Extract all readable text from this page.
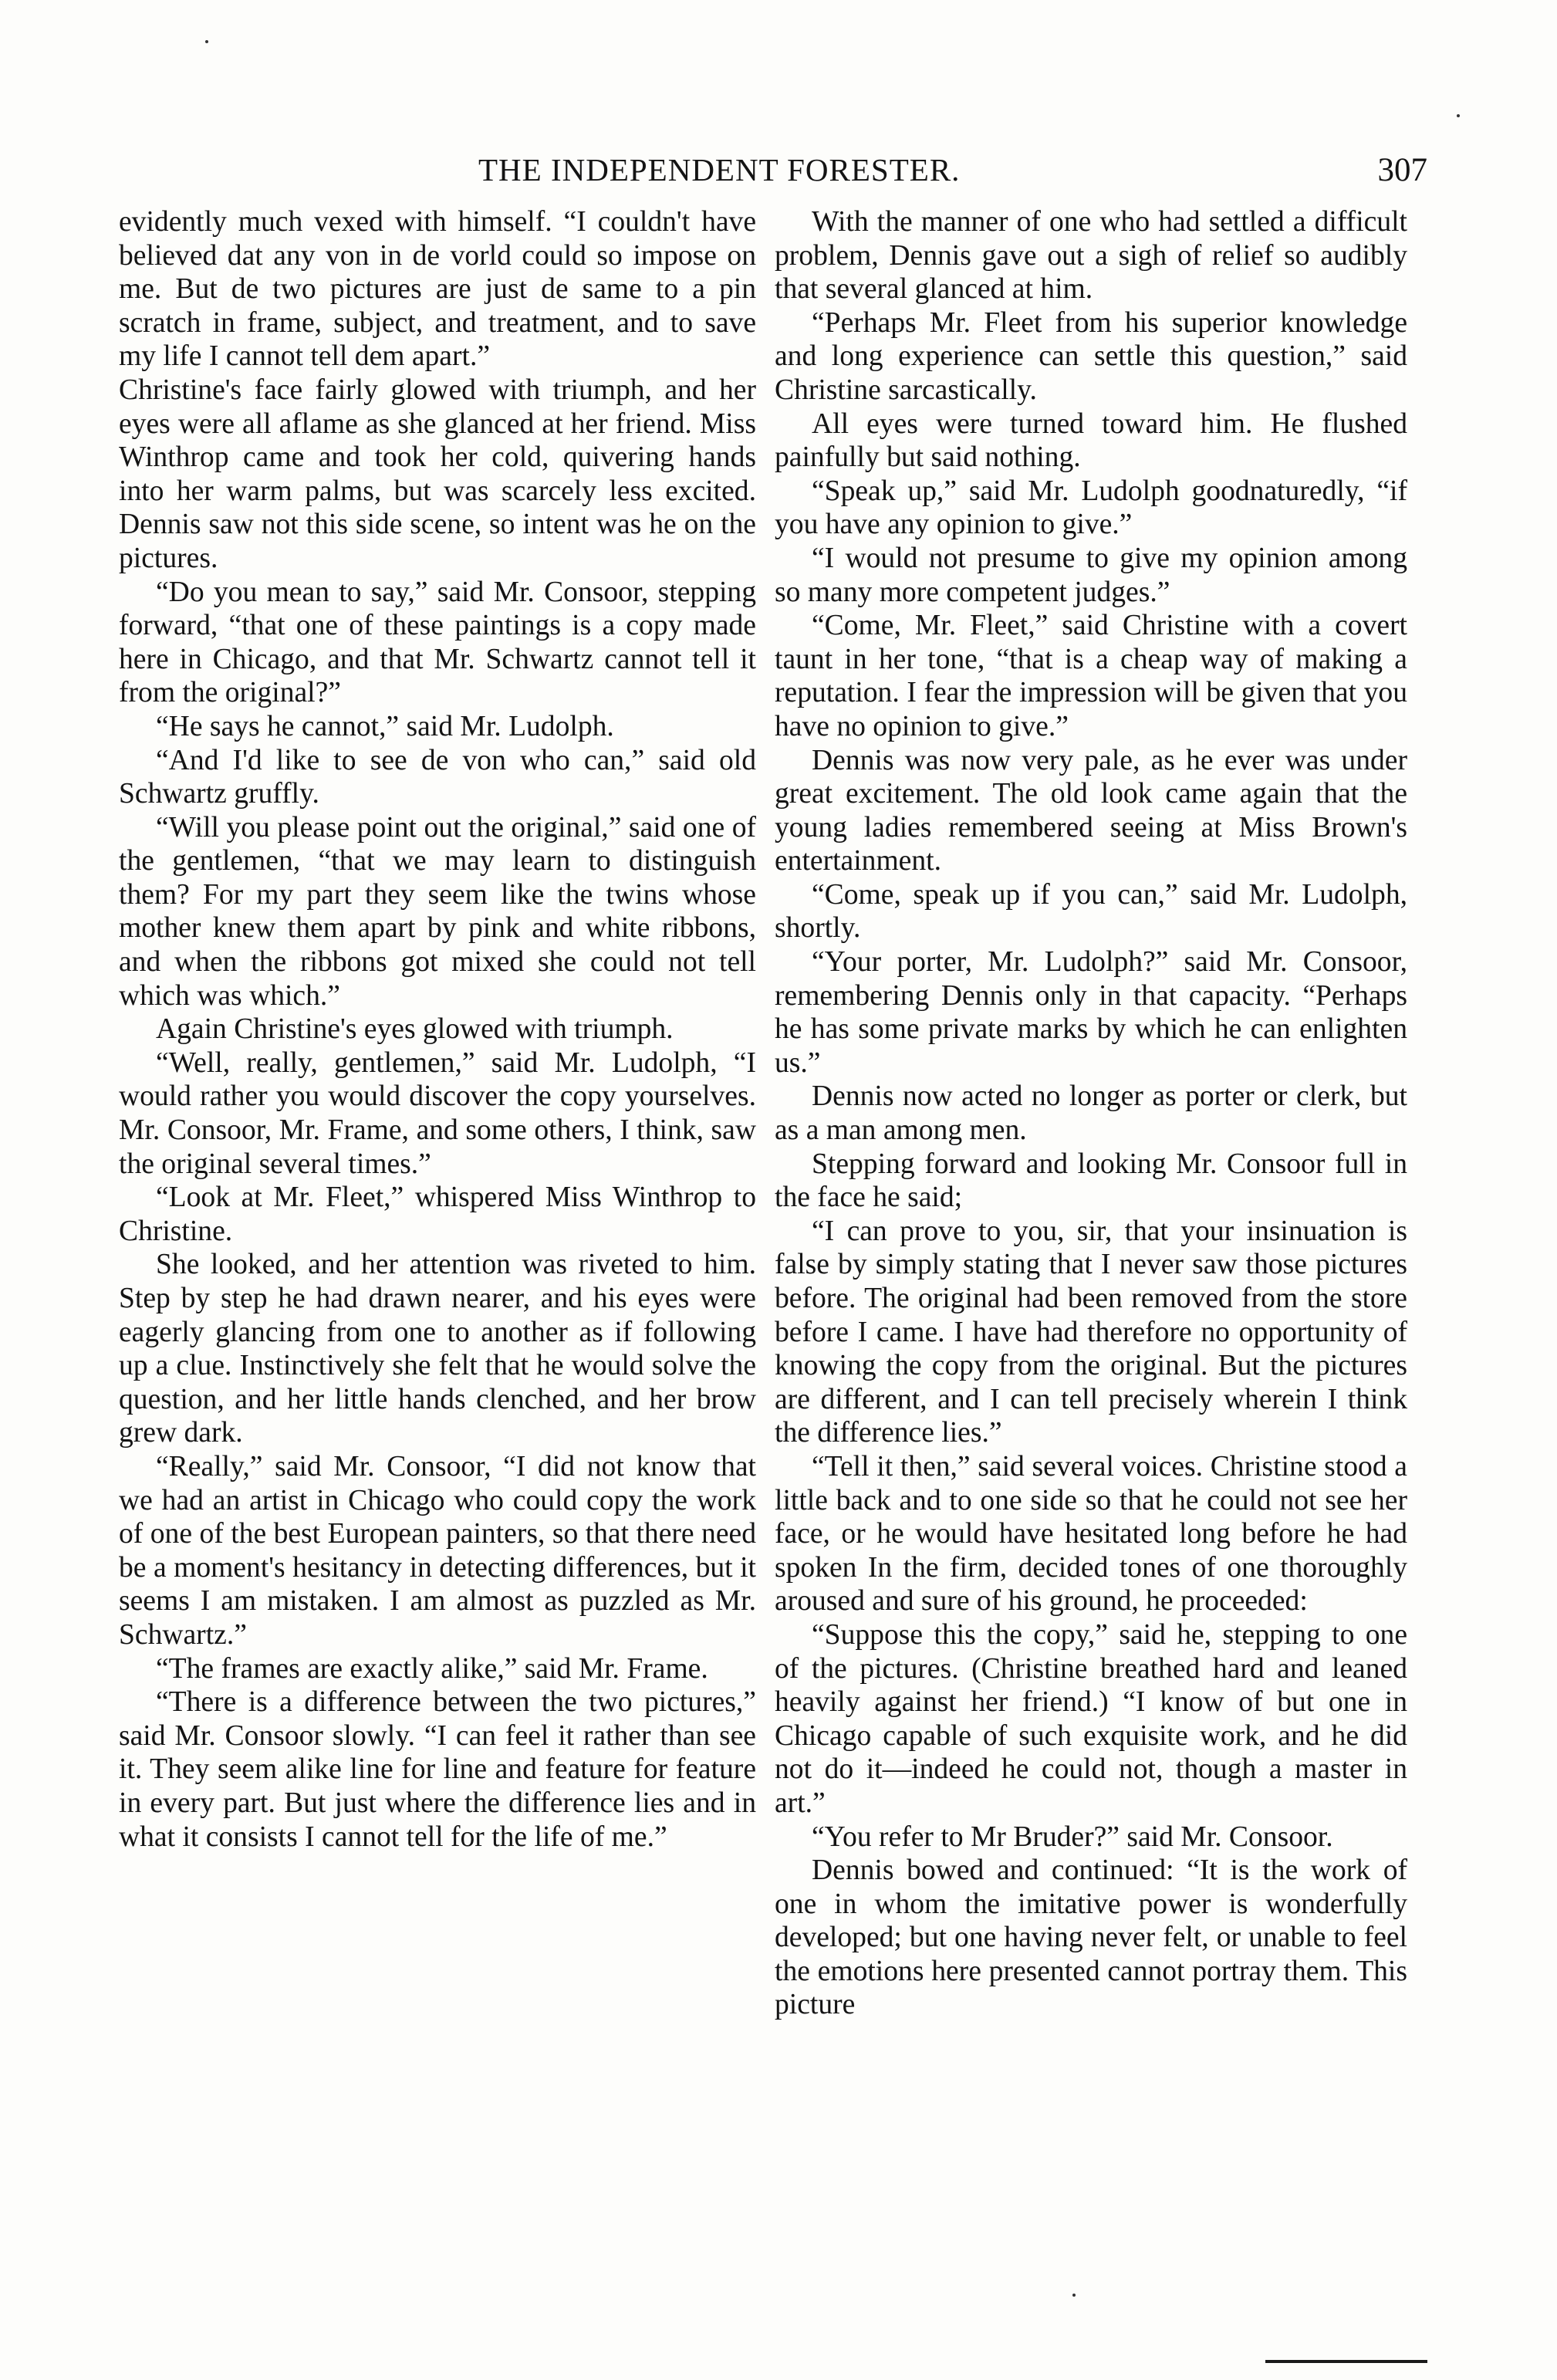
THE INDEPENDENT FORESTER.	307

evidently much vexed with himself. “I couldn't have believed dat any von in de vorld could so impose on me. But de two pictures are just de same to a pin scratch in frame, subject, and treatment, and to save my life I cannot tell dem apart.”

Christine's face fairly glowed with triumph, and her eyes were all aflame as she glanced at her friend. Miss Winthrop came and took her cold, quivering hands into her warm palms, but was scarcely less excited. Dennis saw not this side scene, so intent was he on the pictures.

“Do you mean to say,” said Mr. Consoor, stepping forward, “that one of these paintings is a copy made here in Chicago, and that Mr. Schwartz cannot tell it from the original?”

“He says he cannot,” said Mr. Ludolph.

“And I'd like to see de von who can,” said old Schwartz gruffly.

“Will you please point out the original,” said one of the gentlemen, “that we may learn to distinguish them? For my part they seem like the twins whose mother knew them apart by pink and white ribbons, and when the ribbons got mixed she could not tell which was which.”

Again Christine's eyes glowed with triumph.

“Well, really, gentlemen,” said Mr. Ludolph, “I would rather you would discover the copy yourselves. Mr. Consoor, Mr. Frame, and some others, I think, saw the original several times.”

“Look at Mr. Fleet,” whispered Miss Winthrop to Christine.

She looked, and her attention was riveted to him. Step by step he had drawn nearer, and his eyes were eagerly glancing from one to another as if following up a clue. Instinctively she felt that he would solve the question, and her little hands clenched, and her brow grew dark.

“Really,” said Mr. Consoor, “I did not know that we had an artist in Chicago who could copy the work of one of the best European painters, so that there need be a moment's hesitancy in detecting differences, but it seems I am mistaken. I am almost as puzzled as Mr. Schwartz.”

“The frames are exactly alike,” said Mr. Frame.

“There is a difference between the two pictures,” said Mr. Consoor slowly. “I can feel it rather than see it. They seem alike line for line and feature for feature in every part. But just where the difference lies and in what it consists I cannot tell for the life of me.”

With the manner of one who had settled a difficult problem, Dennis gave out a sigh of relief so audibly that several glanced at him.

“Perhaps Mr. Fleet from his superior knowledge and long experience can settle this question,” said Christine sarcastically.

All eyes were turned toward him. He flushed painfully but said nothing.

“Speak up,” said Mr. Ludolph goodnaturedly, “if you have any opinion to give.”

“I would not presume to give my opinion among so many more competent judges.”

“Come, Mr. Fleet,” said Christine with a covert taunt in her tone, “that is a cheap way of making a reputation. I fear the impression will be given that you have no opinion to give.”

Dennis was now very pale, as he ever was under great excitement. The old look came again that the young ladies remembered seeing at Miss Brown's entertainment.

“Come, speak up if you can,” said Mr. Ludolph, shortly.

“Your porter, Mr. Ludolph?” said Mr. Consoor, remembering Dennis only in that capacity. “Perhaps he has some private marks by which he can enlighten us.”

Dennis now acted no longer as porter or clerk, but as a man among men.

Stepping forward and looking Mr. Consoor full in the face he said;

“I can prove to you, sir, that your insinuation is false by simply stating that I never saw those pictures before. The original had been removed from the store before I came. I have had therefore no opportunity of knowing the copy from the original. But the pictures are different, and I can tell precisely wherein I think the difference lies.”

“Tell it then,” said several voices. Christine stood a little back and to one side so that he could not see her face, or he would have hesitated long before he had spoken In the firm, decided tones of one thoroughly aroused and sure of his ground, he proceeded:

“Suppose this the copy,” said he, stepping to one of the pictures. (Christine breathed hard and leaned heavily against her friend.) “I know of but one in Chicago capable of such exquisite work, and he did not do it—indeed he could not, though a master in art.”

“You refer to Mr Bruder?” said Mr. Consoor.

Dennis bowed and continued: “It is the work of one in whom the imitative power is wonderfully developed; but one having never felt, or unable to feel the emotions here presented cannot portray them. This picture
